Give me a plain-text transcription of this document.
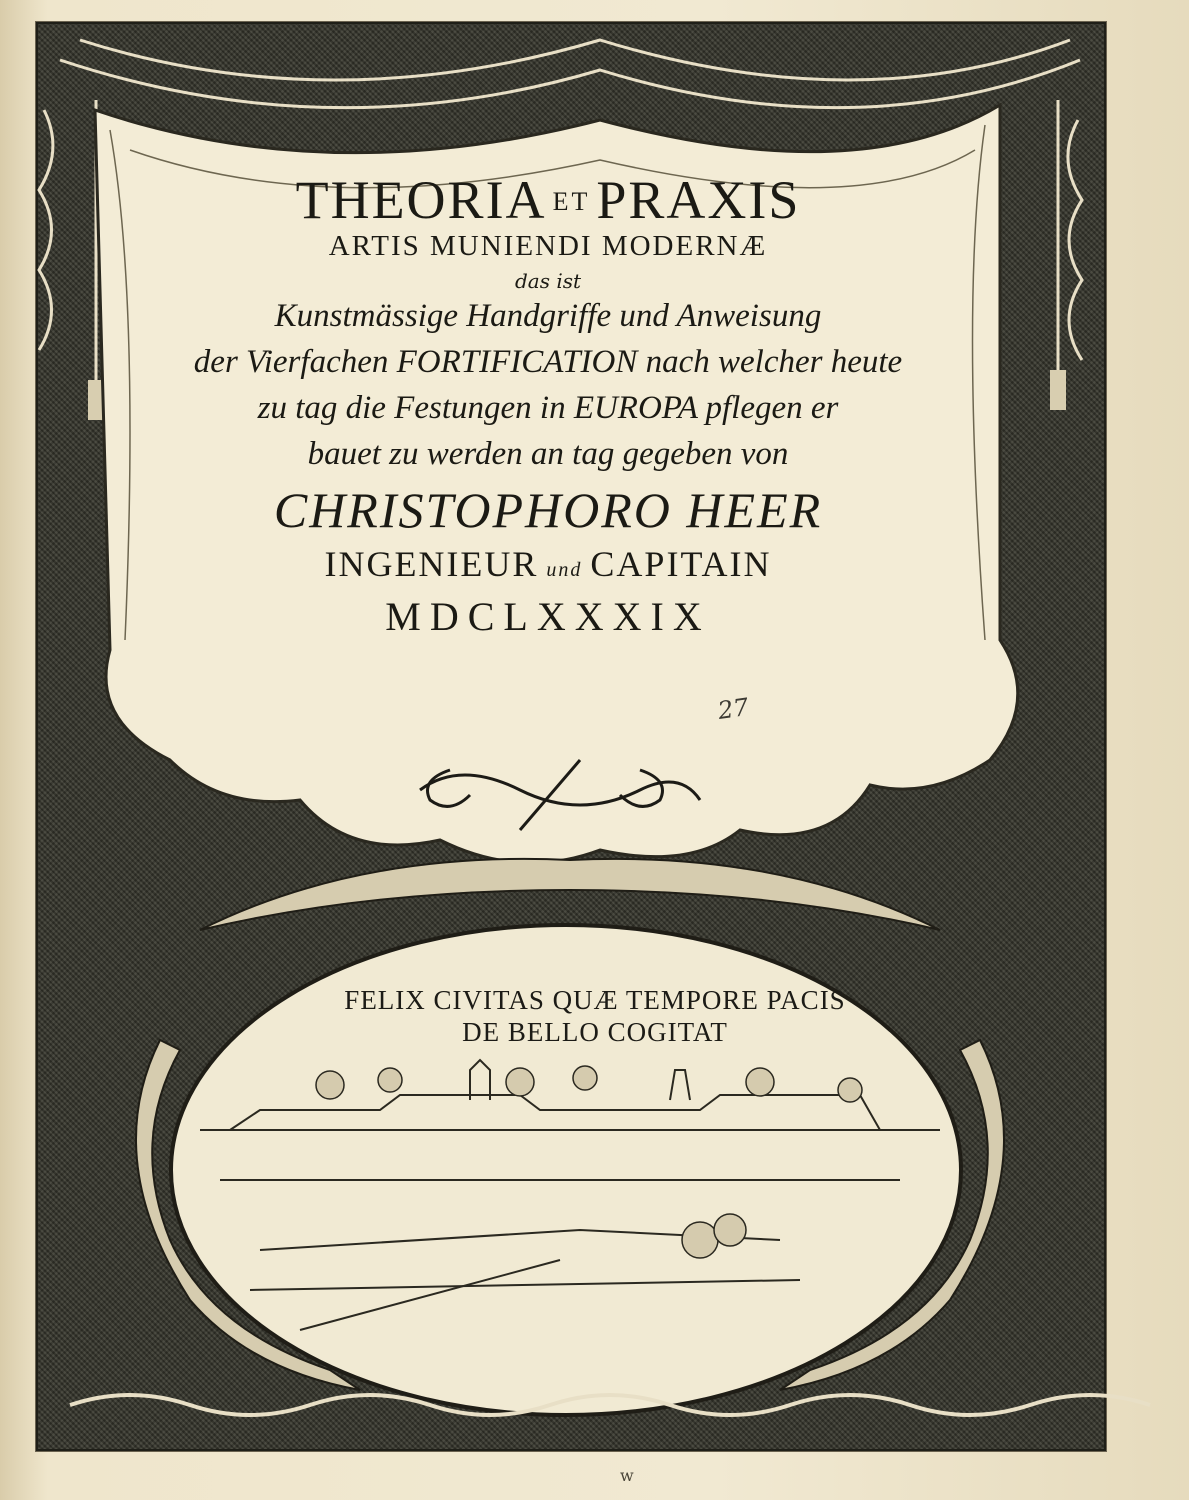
THEORIA ET PRAXIS
ARTIS MUNIENDI MODERNÆ
das ist
Kunstmässige Handgriffe und Anweisung
der Vierfachen FORTIFICATION nach welcher heute
zu tag die Festungen in EUROPA pflegen er
bauet zu werden an tag gegeben von
CHRISTOPHORO HEER
INGENIEUR und CAPITAIN
MDCLXXXIX
27
FELIX CIVITAS QUÆ TEMPORE PACIS
DE BELLO COGITAT
w
